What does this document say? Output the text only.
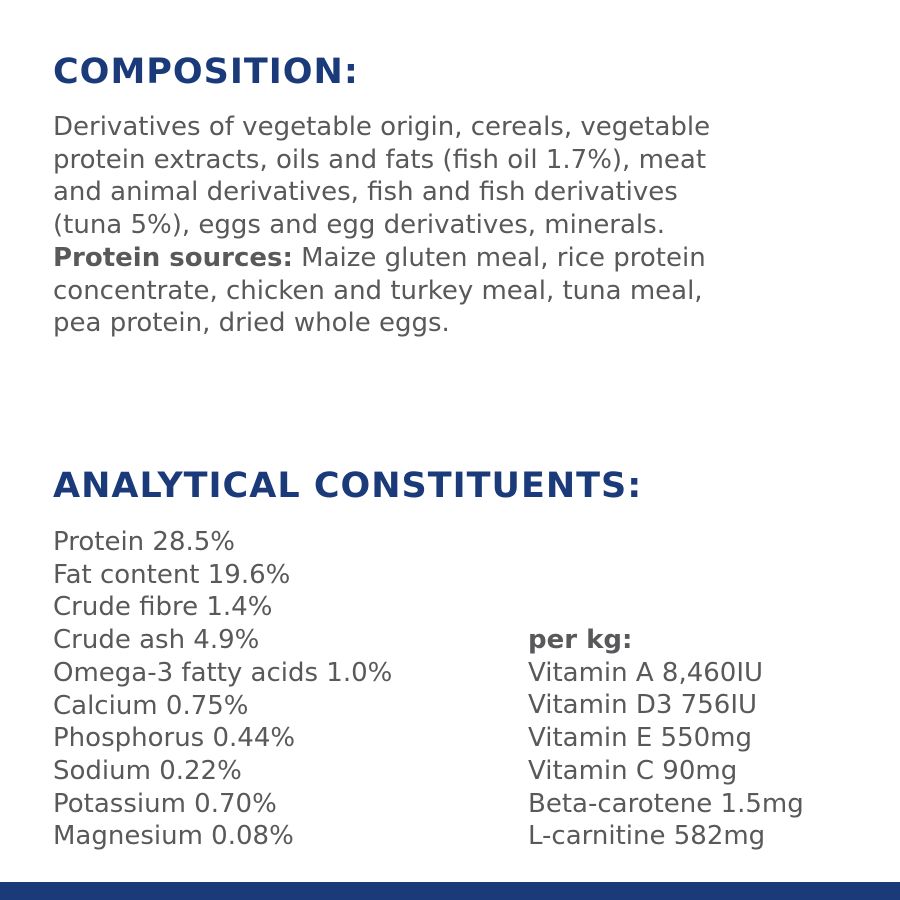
COMPOSITION:
Derivatives of vegetable origin, cereals, vegetable
protein extracts, oils and fats (fish oil 1.7%), meat
and animal derivatives, fish and fish derivatives
(tuna 5%), eggs and egg derivatives, minerals.
Protein sources: Maize gluten meal, rice protein
concentrate, chicken and turkey meal, tuna meal,
pea protein, dried whole eggs.
ANALYTICAL CONSTITUENTS:
Protein 28.5%
Fat content 19.6%
Crude fibre 1.4%
Crude ash 4.9%
Omega-3 fatty acids 1.0%
Calcium 0.75%
Phosphorus 0.44%
Sodium 0.22%
Potassium 0.70%
Magnesium 0.08%
per kg:
Vitamin A 8,460IU
Vitamin D3 756IU
Vitamin E 550mg
Vitamin C 90mg
Beta-carotene 1.5mg
L-carnitine 582mg
